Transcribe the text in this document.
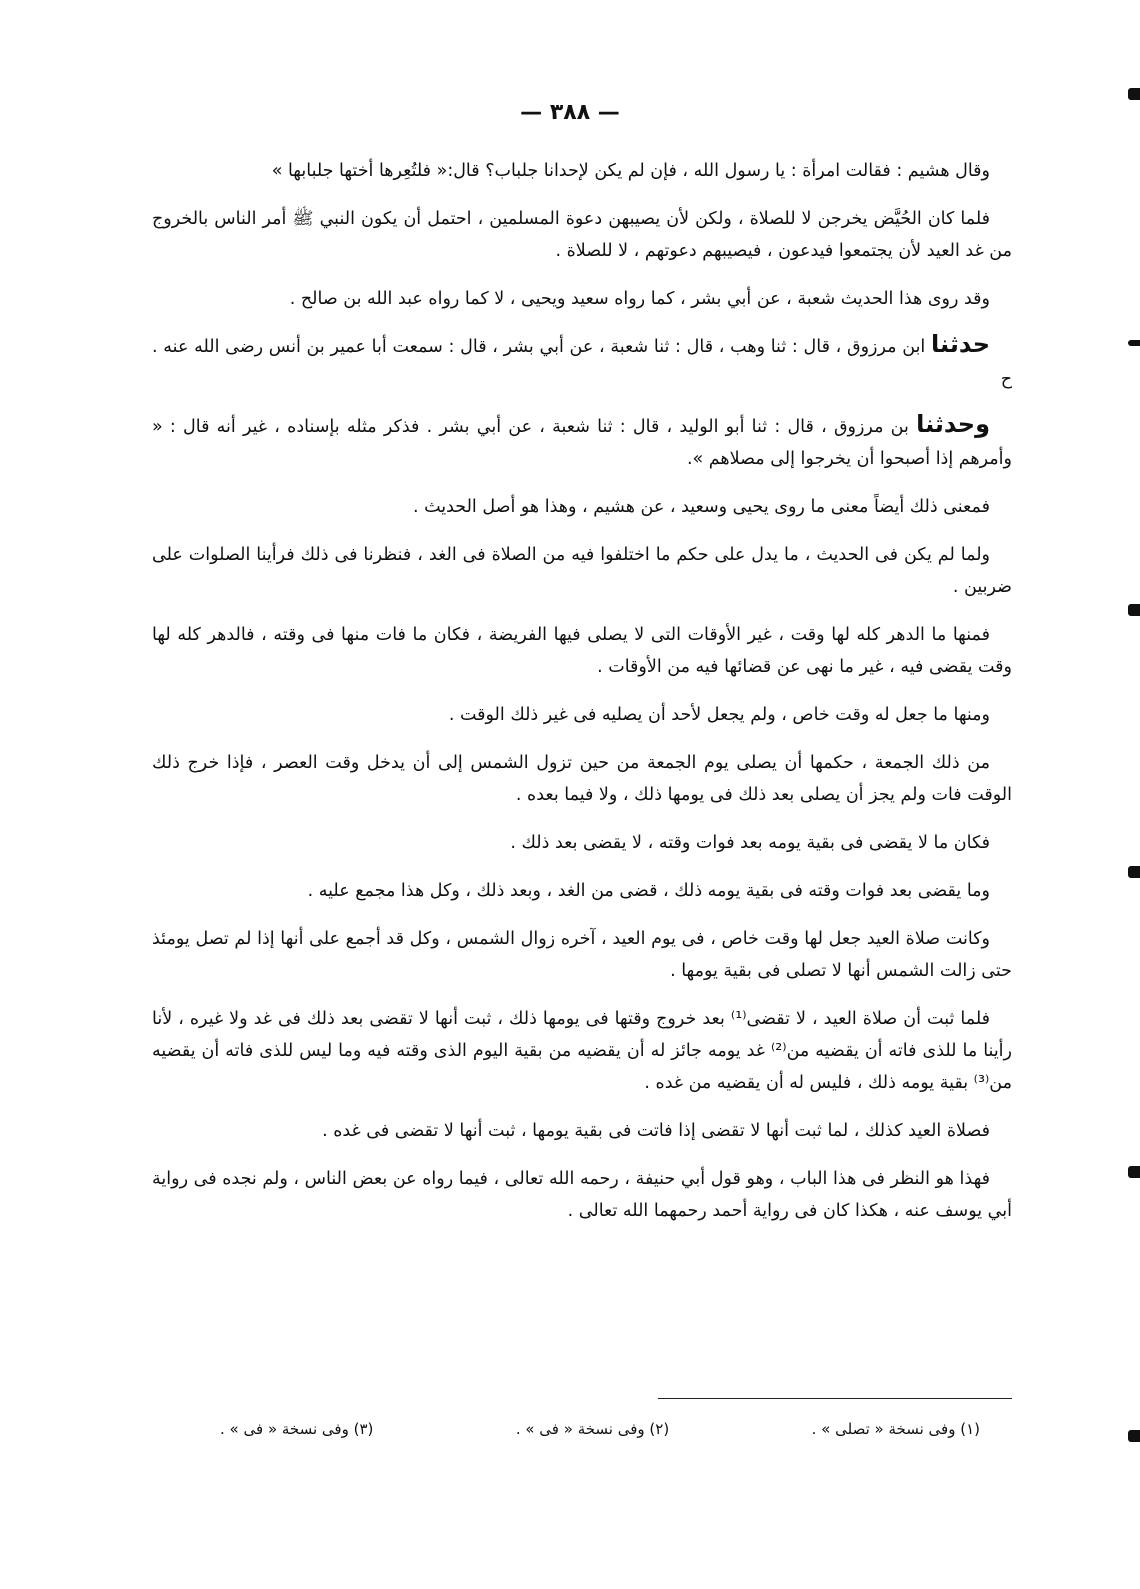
— ٣٨٨ —

وقال هشيم : فقالت امرأة : يا رسول الله ، فإن لم يكن لإحدانا جلباب؟ قال:« فلتُعِرها أختها جلبابها »

فلما كان الحُيَّض يخرجن لا للصلاة ، ولكن لأن يصيبهن دعوة المسلمين ، احتمل أن يكون النبي ﷺ أمر الناس بالخروج من غد العيد لأن يجتمعوا فيدعون ، فيصيبهم دعوتهم ، لا للصلاة .

وقد روى هذا الحديث شعبة ، عن أبي بشر ، كما رواه سعيد ويحيى ، لا كما رواه عبد الله بن صالح .

حدثنا ابن مرزوق ، قال : ثنا وهب ، قال : ثنا شعبة ، عن أبي بشر ، قال : سمعت أبا عمير بن أنس رضى الله عنه . ح

وحدثنا بن مرزوق ، قال : ثنا أبو الوليد ، قال : ثنا شعبة ، عن أبي بشر . فذكر مثله بإسناده ، غير أنه قال : « وأمرهم إذا أصبحوا أن يخرجوا إلى مصلاهم ».

فمعنى ذلك أيضاً معنى ما روى يحيى وسعيد ، عن هشيم ، وهذا هو أصل الحديث .

ولما لم يكن فى الحديث ، ما يدل على حكم ما اختلفوا فيه من الصلاة فى الغد ، فنظرنا فى ذلك فرأينا الصلوات على ضربين .

فمنها ما الدهر كله لها وقت ، غير الأوقات التى لا يصلى فيها الفريضة ، فكان ما فات منها فى وقته ، فالدهر كله لها وقت يقضى فيه ، غير ما نهى عن قضائها فيه من الأوقات .

ومنها ما جعل له وقت خاص ، ولم يجعل لأحد أن يصليه فى غير ذلك الوقت .

من ذلك الجمعة ، حكمها أن يصلى يوم الجمعة من حين تزول الشمس إلى أن يدخل وقت العصر ، فإذا خرج ذلك الوقت فات ولم يجز أن يصلى بعد ذلك فى يومها ذلك ، ولا فيما بعده .

فكان ما لا يقضى فى بقية يومه بعد فوات وقته ، لا يقضى بعد ذلك .

وما يقضى بعد فوات وقته فى بقية يومه ذلك ، قضى من الغد ، وبعد ذلك ، وكل هذا مجمع عليه .

وكانت صلاة العيد جعل لها وقت خاص ، فى يوم العيد ، آخره زوال الشمس ، وكل قد أجمع على أنها إذا لم تصل يومئذ حتى زالت الشمس أنها لا تصلى فى بقية يومها .

فلما ثبت أن صلاة العيد ، لا تقضى⁽¹⁾ بعد خروج وقتها فى يومها ذلك ، ثبت أنها لا تقضى بعد ذلك فى غد ولا غيره ، لأنا رأينا ما للذى فاته أن يقضيه من⁽²⁾ غد يومه جائز له أن يقضيه من بقية اليوم الذى وقته فيه وما ليس للذى فاته أن يقضيه من⁽³⁾ بقية يومه ذلك ، فليس له أن يقضيه من غده .

فصلاة العيد كذلك ، لما ثبت أنها لا تقضى إذا فاتت فى بقية يومها ، ثبت أنها لا تقضى فى غده .

فهذا هو النظر فى هذا الباب ، وهو قول أبي حنيفة ، رحمه الله تعالى ، فيما رواه عن بعض الناس ، ولم نجده فى رواية أبي يوسف عنه ، هكذا كان فى رواية أحمد رحمهما الله تعالى .

(١) وفى نسخة « تصلى » .
(٢) وفى نسخة « فى » .
(٣) وفى نسخة « فى » .
